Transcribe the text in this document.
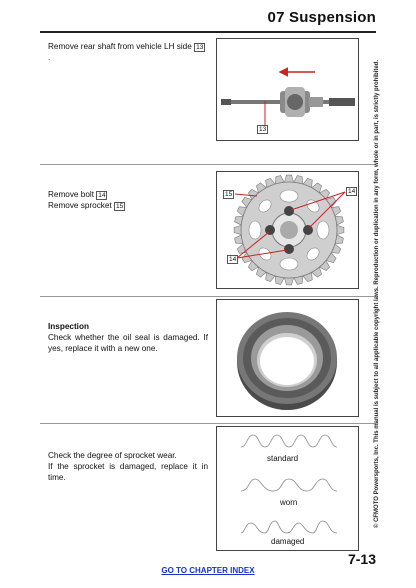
07 Suspension
Remove rear shaft from vehicle LH side 13
.
13
Remove bolt 14
Remove sprocket 15
15	14
14
Inspection
Check whether the oil seal is damaged. If yes, replace it with a new one.
Check the degree of sprocket wear.
If the sprocket is damaged, replace it in time.
standard
worn
damaged
© CFMOTO Powersports, Inc. This manual is subject to all applicable copyright laws. Reproduction or duplication in any form, whole or in part, is strictly prohibited.
7-13
GO TO CHAPTER INDEX
